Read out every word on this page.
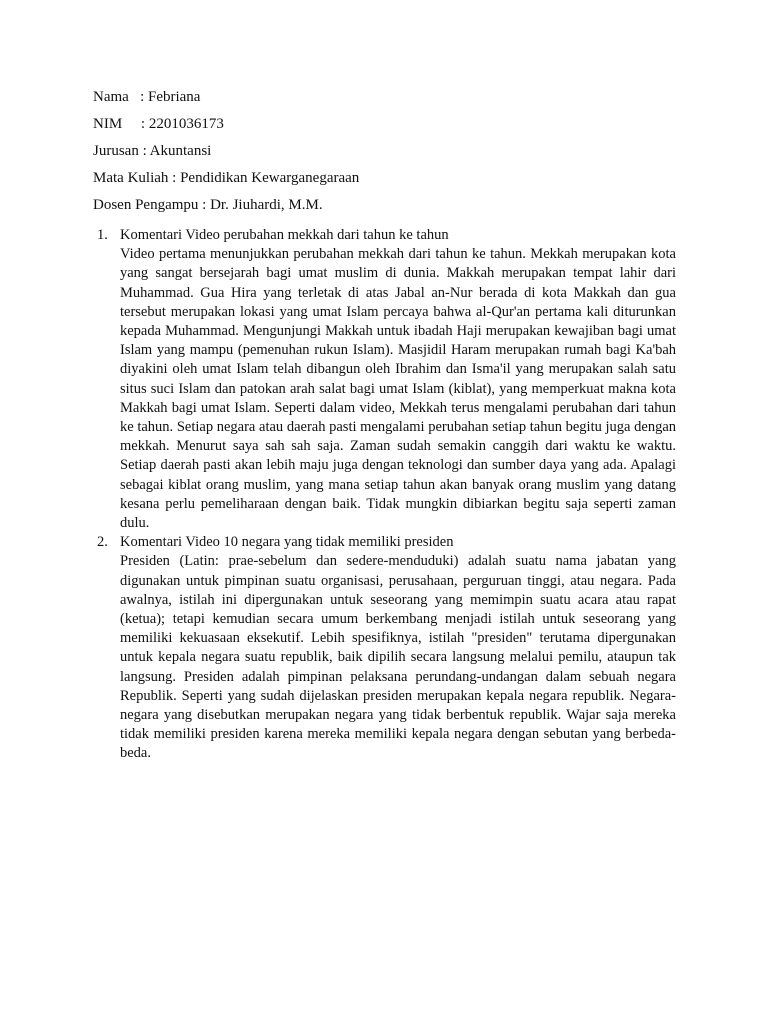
Nama   : Febriana
NIM     : 2201036173
Jurusan : Akuntansi
Mata Kuliah : Pendidikan Kewarganegaraan
Dosen Pengampu : Dr. Jiuhardi, M.M.
1. Komentari Video perubahan mekkah dari tahun ke tahun

Video pertama menunjukkan perubahan mekkah dari tahun ke tahun. Mekkah merupakan kota yang sangat bersejarah bagi umat muslim di dunia. Makkah merupakan tempat lahir dari Muhammad. Gua Hira yang terletak di atas Jabal an-Nur berada di kota Makkah dan gua tersebut merupakan lokasi yang umat Islam percaya bahwa al-Qur'an pertama kali diturunkan kepada Muhammad. Mengunjungi Makkah untuk ibadah Haji merupakan kewajiban bagi umat Islam yang mampu (pemenuhan rukun Islam). Masjidil Haram merupakan rumah bagi Ka'bah diyakini oleh umat Islam telah dibangun oleh Ibrahim dan Isma'il yang merupakan salah satu situs suci Islam dan patokan arah salat bagi umat Islam (kiblat), yang memperkuat makna kota Makkah bagi umat Islam. Seperti dalam video, Mekkah terus mengalami perubahan dari tahun ke tahun. Setiap negara atau daerah pasti mengalami perubahan setiap tahun begitu juga dengan mekkah. Menurut saya sah sah saja. Zaman sudah semakin canggih dari waktu ke waktu. Setiap daerah pasti akan lebih maju juga dengan teknologi dan sumber daya yang ada. Apalagi sebagai kiblat orang muslim, yang mana setiap tahun akan banyak orang muslim yang datang kesana perlu pemeliharaan dengan baik. Tidak mungkin dibiarkan begitu saja seperti zaman dulu.

2. Komentari Video 10 negara yang tidak memiliki presiden

Presiden (Latin: prae-sebelum dan sedere-menduduki) adalah suatu nama jabatan yang digunakan untuk pimpinan suatu organisasi, perusahaan, perguruan tinggi, atau negara. Pada awalnya, istilah ini dipergunakan untuk seseorang yang memimpin suatu acara atau rapat (ketua); tetapi kemudian secara umum berkembang menjadi istilah untuk seseorang yang memiliki kekuasaan eksekutif. Lebih spesifiknya, istilah "presiden" terutama dipergunakan untuk kepala negara suatu republik, baik dipilih secara langsung melalui pemilu, ataupun tak langsung. Presiden adalah pimpinan pelaksana perundang-undangan dalam sebuah negara Republik. Seperti yang sudah dijelaskan presiden merupakan kepala negara republik. Negara-negara yang disebutkan merupakan negara yang tidak berbentuk republik. Wajar saja mereka tidak memiliki presiden karena mereka memiliki kepala negara dengan sebutan yang berbeda-beda.
